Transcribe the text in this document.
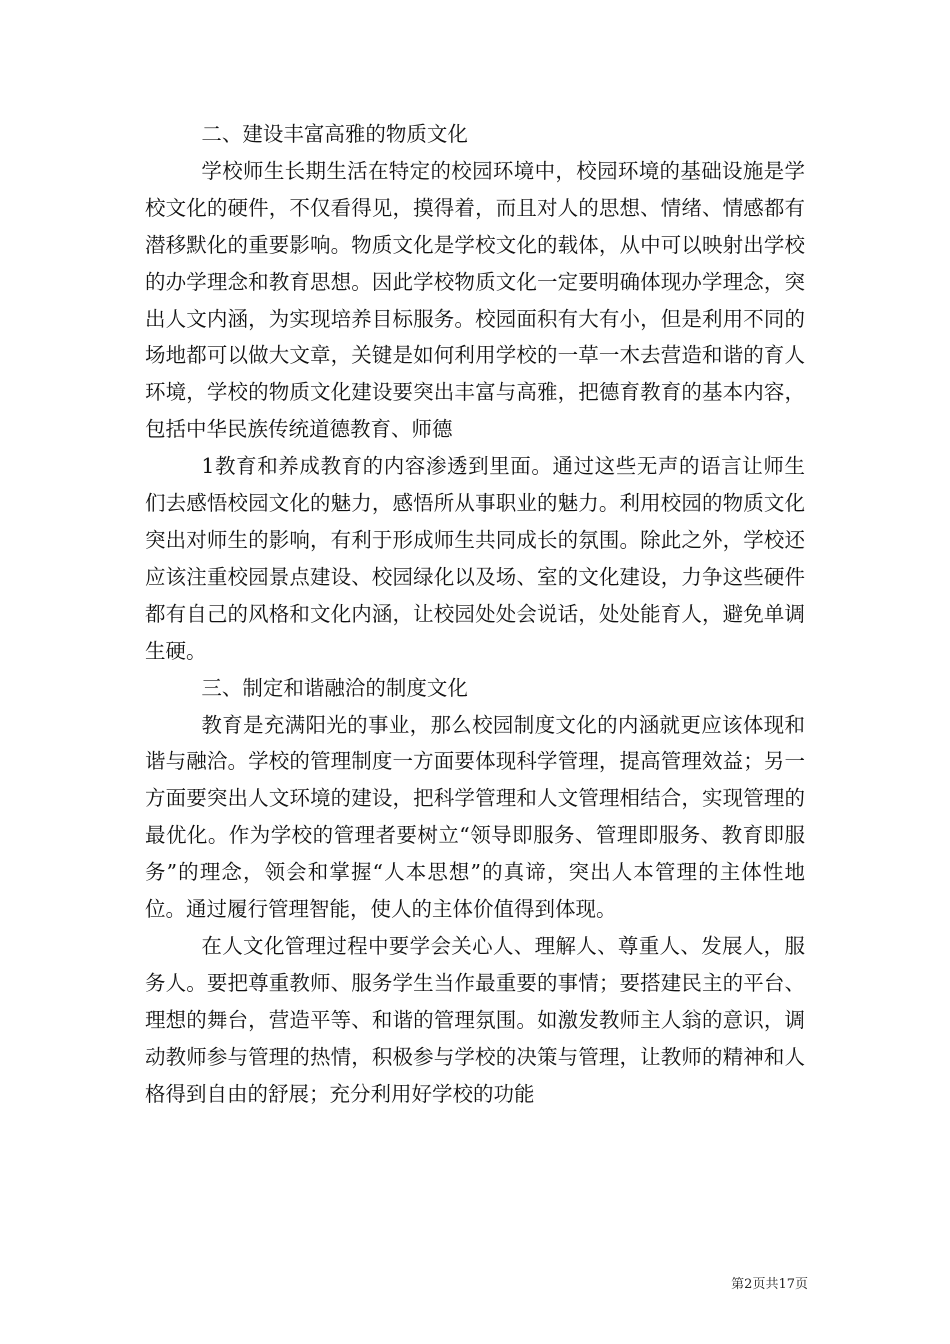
二、建设丰富高雅的物质文化

学校师生长期生活在特定的校园环境中，校园环境的基础设施是学校文化的硬件，不仅看得见，摸得着，而且对人的思想、情绪、情感都有潜移默化的重要影响。物质文化是学校文化的载体，从中可以映射出学校的办学理念和教育思想。因此学校物质文化一定要明确体现办学理念，突出人文内涵，为实现培养目标服务。校园面积有大有小，但是利用不同的场地都可以做大文章，关键是如何利用学校的一草一木去营造和谐的育人环境，学校的物质文化建设要突出丰富与高雅，把德育教育的基本内容，包括中华民族传统道德教育、师德

1教育和养成教育的内容渗透到里面。通过这些无声的语言让师生们去感悟校园文化的魅力，感悟所从事职业的魅力。利用校园的物质文化突出对师生的影响，有利于形成师生共同成长的氛围。除此之外，学校还应该注重校园景点建设、校园绿化以及场、室的文化建设，力争这些硬件都有自己的风格和文化内涵，让校园处处会说话，处处能育人，避免单调生硬。

三、制定和谐融洽的制度文化

教育是充满阳光的事业，那么校园制度文化的内涵就更应该体现和谐与融洽。学校的管理制度一方面要体现科学管理，提高管理效益；另一方面要突出人文环境的建设，把科学管理和人文管理相结合，实现管理的最优化。作为学校的管理者要树立“领导即服务、管理即服务、教育即服务”的理念，领会和掌握“人本思想”的真谛，突出人本管理的主体性地位。通过履行管理智能，使人的主体价值得到体现。

在人文化管理过程中要学会关心人、理解人、尊重人、发展人，服务人。要把尊重教师、服务学生当作最重要的事情；要搭建民主的平台、理想的舞台，营造平等、和谐的管理氛围。如激发教师主人翁的意识，调动教师参与管理的热情，积极参与学校的决策与管理，让教师的精神和人格得到自由的舒展；充分利用好学校的功能

第2页共17页
